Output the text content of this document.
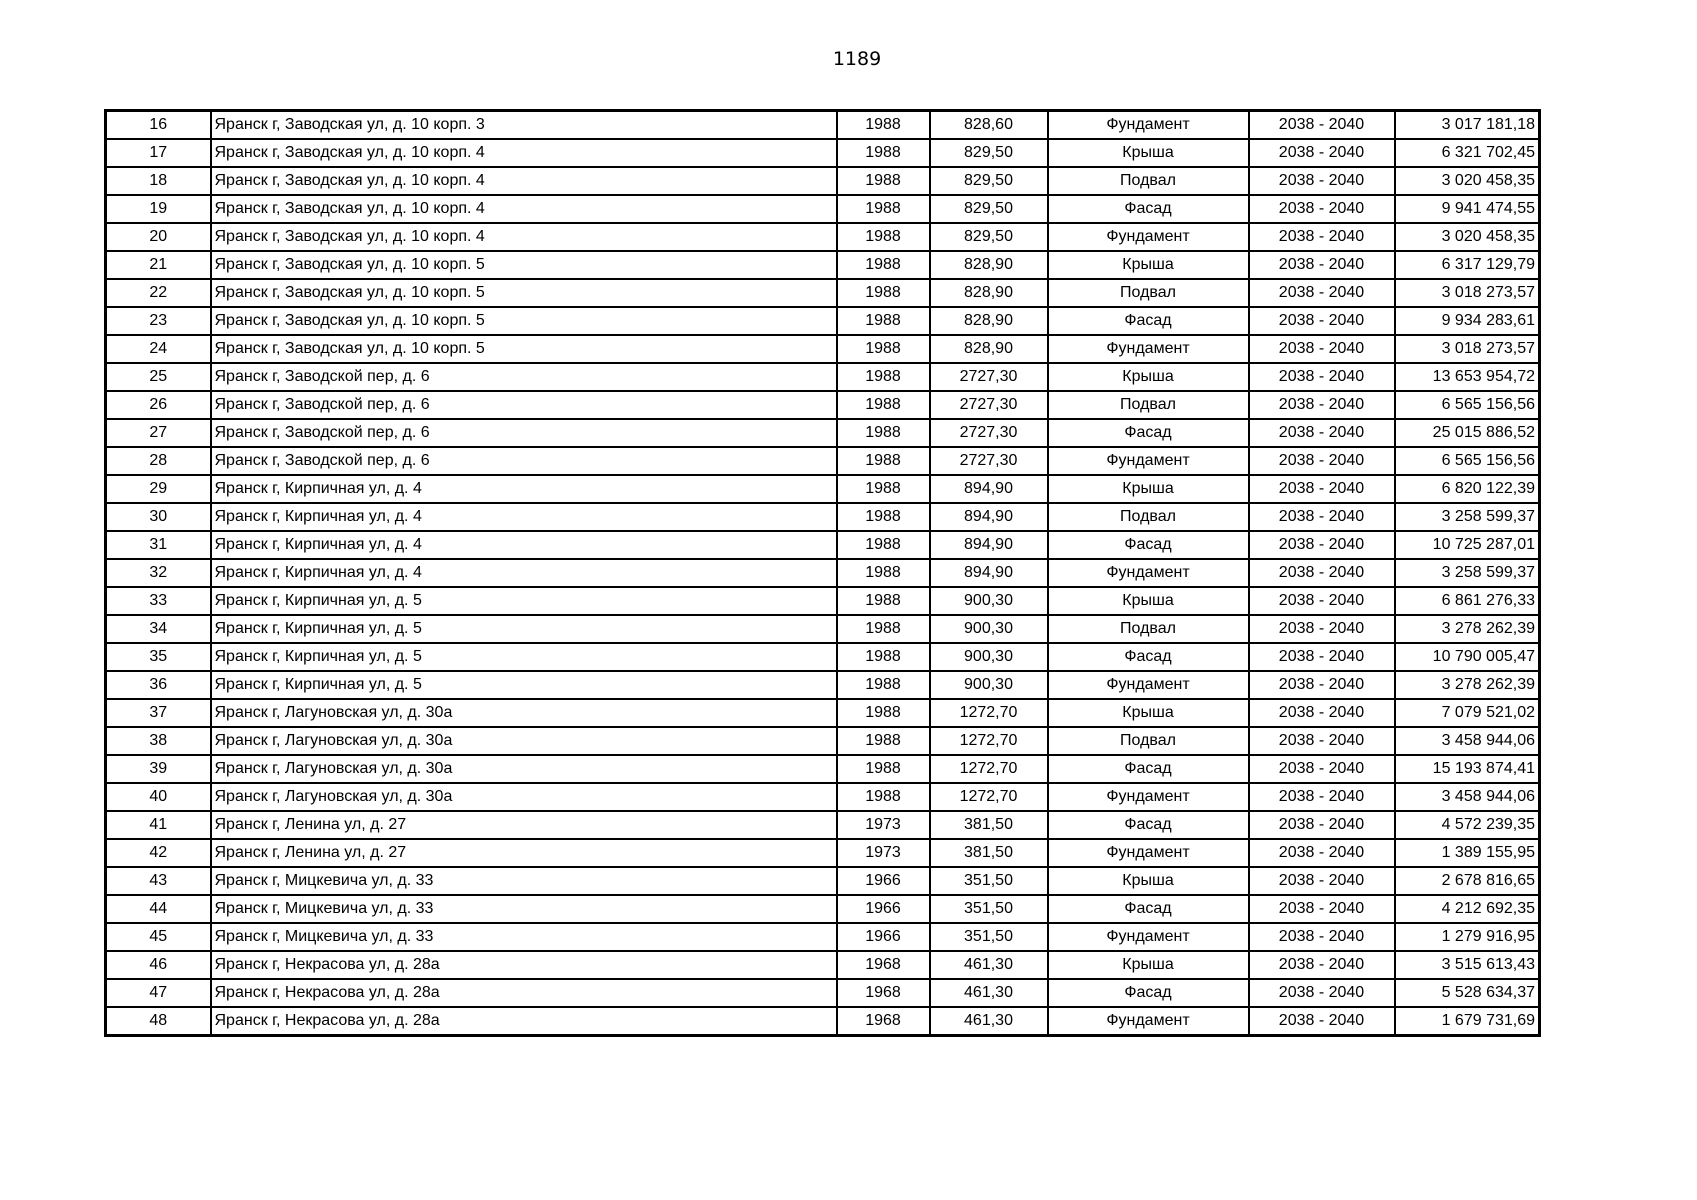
1189
16	Яранск г, Заводская ул, д. 10 корп. 3	1988	828,60	Фундамент	2038 - 2040	3 017 181,18
17	Яранск г, Заводская ул, д. 10 корп. 4	1988	829,50	Крыша	2038 - 2040	6 321 702,45
18	Яранск г, Заводская ул, д. 10 корп. 4	1988	829,50	Подвал	2038 - 2040	3 020 458,35
19	Яранск г, Заводская ул, д. 10 корп. 4	1988	829,50	Фасад	2038 - 2040	9 941 474,55
20	Яранск г, Заводская ул, д. 10 корп. 4	1988	829,50	Фундамент	2038 - 2040	3 020 458,35
21	Яранск г, Заводская ул, д. 10 корп. 5	1988	828,90	Крыша	2038 - 2040	6 317 129,79
22	Яранск г, Заводская ул, д. 10 корп. 5	1988	828,90	Подвал	2038 - 2040	3 018 273,57
23	Яранск г, Заводская ул, д. 10 корп. 5	1988	828,90	Фасад	2038 - 2040	9 934 283,61
24	Яранск г, Заводская ул, д. 10 корп. 5	1988	828,90	Фундамент	2038 - 2040	3 018 273,57
25	Яранск г, Заводской пер, д. 6	1988	2727,30	Крыша	2038 - 2040	13 653 954,72
26	Яранск г, Заводской пер, д. 6	1988	2727,30	Подвал	2038 - 2040	6 565 156,56
27	Яранск г, Заводской пер, д. 6	1988	2727,30	Фасад	2038 - 2040	25 015 886,52
28	Яранск г, Заводской пер, д. 6	1988	2727,30	Фундамент	2038 - 2040	6 565 156,56
29	Яранск г, Кирпичная ул, д. 4	1988	894,90	Крыша	2038 - 2040	6 820 122,39
30	Яранск г, Кирпичная ул, д. 4	1988	894,90	Подвал	2038 - 2040	3 258 599,37
31	Яранск г, Кирпичная ул, д. 4	1988	894,90	Фасад	2038 - 2040	10 725 287,01
32	Яранск г, Кирпичная ул, д. 4	1988	894,90	Фундамент	2038 - 2040	3 258 599,37
33	Яранск г, Кирпичная ул, д. 5	1988	900,30	Крыша	2038 - 2040	6 861 276,33
34	Яранск г, Кирпичная ул, д. 5	1988	900,30	Подвал	2038 - 2040	3 278 262,39
35	Яранск г, Кирпичная ул, д. 5	1988	900,30	Фасад	2038 - 2040	10 790 005,47
36	Яранск г, Кирпичная ул, д. 5	1988	900,30	Фундамент	2038 - 2040	3 278 262,39
37	Яранск г, Лагуновская ул, д. 30а	1988	1272,70	Крыша	2038 - 2040	7 079 521,02
38	Яранск г, Лагуновская ул, д. 30а	1988	1272,70	Подвал	2038 - 2040	3 458 944,06
39	Яранск г, Лагуновская ул, д. 30а	1988	1272,70	Фасад	2038 - 2040	15 193 874,41
40	Яранск г, Лагуновская ул, д. 30а	1988	1272,70	Фундамент	2038 - 2040	3 458 944,06
41	Яранск г, Ленина ул, д. 27	1973	381,50	Фасад	2038 - 2040	4 572 239,35
42	Яранск г, Ленина ул, д. 27	1973	381,50	Фундамент	2038 - 2040	1 389 155,95
43	Яранск г, Мицкевича ул, д. 33	1966	351,50	Крыша	2038 - 2040	2 678 816,65
44	Яранск г, Мицкевича ул, д. 33	1966	351,50	Фасад	2038 - 2040	4 212 692,35
45	Яранск г, Мицкевича ул, д. 33	1966	351,50	Фундамент	2038 - 2040	1 279 916,95
46	Яранск г, Некрасова ул, д. 28а	1968	461,30	Крыша	2038 - 2040	3 515 613,43
47	Яранск г, Некрасова ул, д. 28а	1968	461,30	Фасад	2038 - 2040	5 528 634,37
48	Яранск г, Некрасова ул, д. 28а	1968	461,30	Фундамент	2038 - 2040	1 679 731,69
